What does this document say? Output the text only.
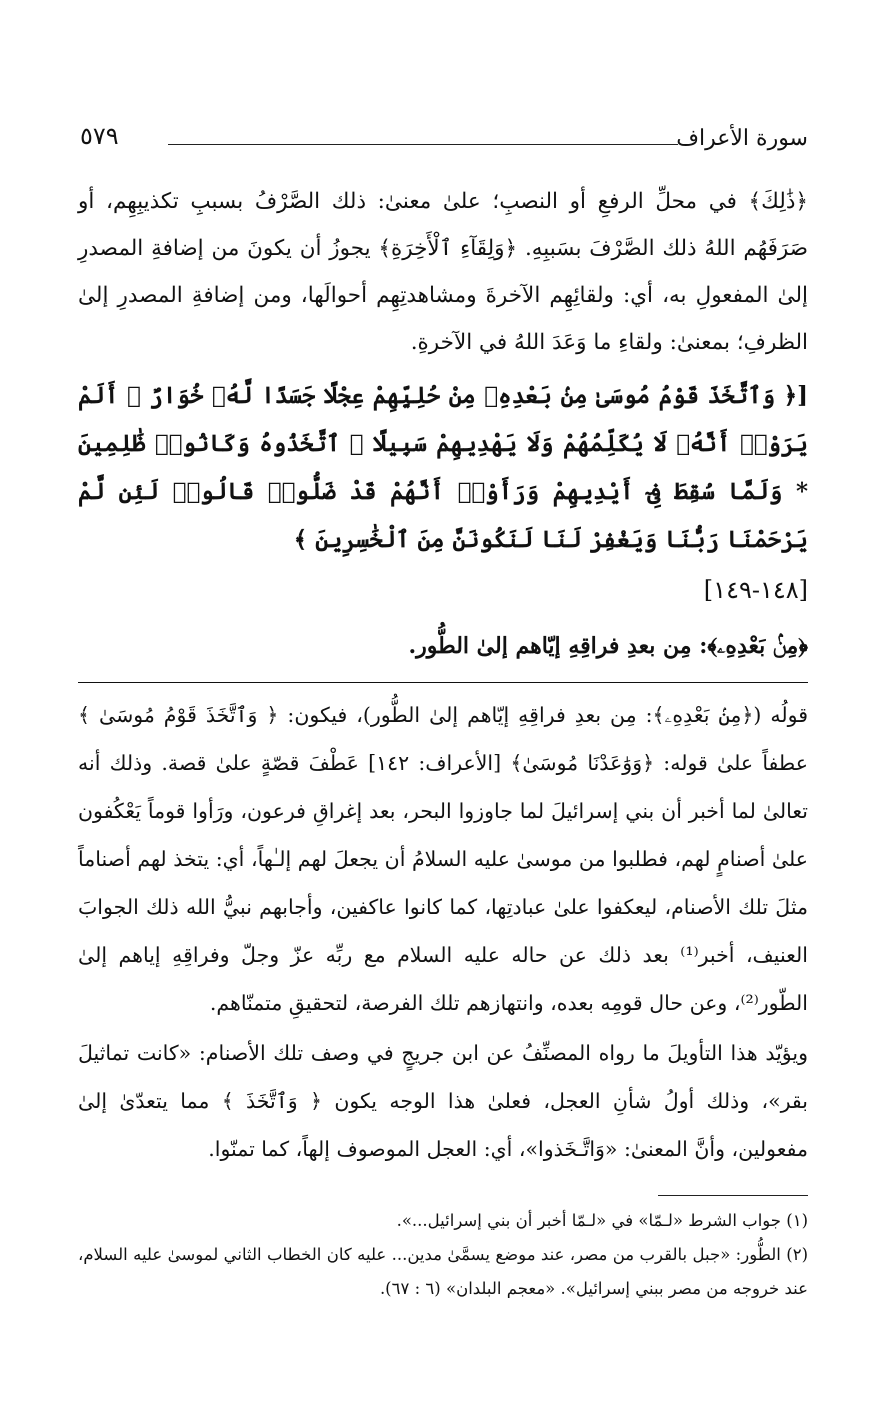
سورة الأعراف
٥٧٩

﴿ذَٰلِكَ﴾ في محلِّ الرفعِ أو النصبِ؛ علىٰ معنىٰ: ذلك الصَّرْفُ بسببِ تكذيبِهِم، أو صَرَفَهُم اللهُ ذلك الصَّرْفَ بسَببِهِ. ﴿وَلِقَآءِ ٱلْأَخِرَةِ﴾ يجوزُ أن يكونَ من إضافةِ المصدرِ إلىٰ المفعولِ به، أي: ولقائِهِم الآخرةَ ومشاهدتِهِم أحوالَها، ومن إضافةِ المصدرِ إلىٰ الظرفِ؛ بمعنىٰ: ولقاءِ ما وَعَدَ اللهُ في الآخرةِ.

[﴿ وَٱتَّخَذَ قَوْمُ مُوسَىٰ مِنۢ بَعْدِهِۦ مِنْ حُلِيِّهِمْ عِجْلًا جَسَدًا لَّهُۥ خُوَارٌ ۚ أَلَمْ يَرَوْا۟ أَنَّهُۥ لَا يُكَلِّمُهُمْ وَلَا يَهْدِيهِمْ سَبِيلًا ۘ ٱتَّخَذُوهُ وَكَانُوا۟ ظَٰلِمِينَ * وَلَمَّا سُقِطَ فِىٓ أَيْدِيهِمْ وَرَأَوْا۟ أَنَّهُمْ قَدْ ضَلُّوا۟ قَالُوا۟ لَئِن لَّمْ يَرْحَمْنَا رَبُّنَا وَيَغْفِرْ لَنَا لَنَكُونَنَّ مِنَ ٱلْخَٰسِرِينَ ﴾
[١٤٨-١٤٩]

﴿مِنۢ بَعْدِهِۦ﴾: مِن بعدِ فراقِهِ إيّاهم إلىٰ الطُّور.

قولُه (﴿مِنۢ بَعْدِهِۦ﴾: مِن بعدِ فراقِهِ إيّاهم إلىٰ الطُّور)، فيكون: ﴿ وَٱتَّخَذَ قَوْمُ مُوسَىٰ ﴾ عطفاً علىٰ قوله: ﴿وَوَٰعَدْنَا مُوسَىٰ﴾ [الأعراف: ١٤٢] عَطْفَ قصّةٍ علىٰ قصة. وذلك أنه تعالىٰ لما أخبر أن بني إسرائيلَ لما جاوزوا البحر، بعد إغراقِ فرعون، ورَأوا قوماً يَعْكُفون علىٰ أصنامٍ لهم، فطلبوا من موسىٰ عليه السلامُ أن يجعلَ لهم إلـٰهاً، أي: يتخذ لهم أصناماً مثلَ تلك الأصنام، ليعكفوا علىٰ عبادتِها، كما كانوا عاكفين، وأجابهم نبيُّ الله ذلك الجوابَ العنيف، أخبر⁽¹⁾ بعد ذلك عن حاله عليه السلام مع ربِّه عزّ وجلّ وفراقِهِ إياهم إلىٰ الطّور⁽²⁾، وعن حال قومِه بعده، وانتهازهم تلك الفرصة، لتحقيقِ متمنّاهم.

ويؤيّد هذا التأويلَ ما رواه المصنِّفُ عن ابن جريجٍ في وصف تلك الأصنام: «كانت تماثيلَ بقر»، وذلك أولُ شأنِ العجل، فعلىٰ هذا الوجه يكون ﴿ وَٱتَّخَذَ ﴾ مما يتعدّىٰ إلىٰ مفعولين، وأنَّ المعنىٰ: «وَاتَّـخَذوا»، أي: العجل الموصوف إلهاً، كما تمنّوا.

(١) جواب الشرط «لـمّا» في «لـمّا أخبر أن بني إسرائيل...».

(٢) الطُّور: «جبل بالقرب من مصر، عند موضع يسمَّىٰ مدين... عليه كان الخطاب الثاني لموسىٰ عليه السلام، عند خروجه من مصر ببني إسرائيل». «معجم البلدان» (٦ : ٦٧).
